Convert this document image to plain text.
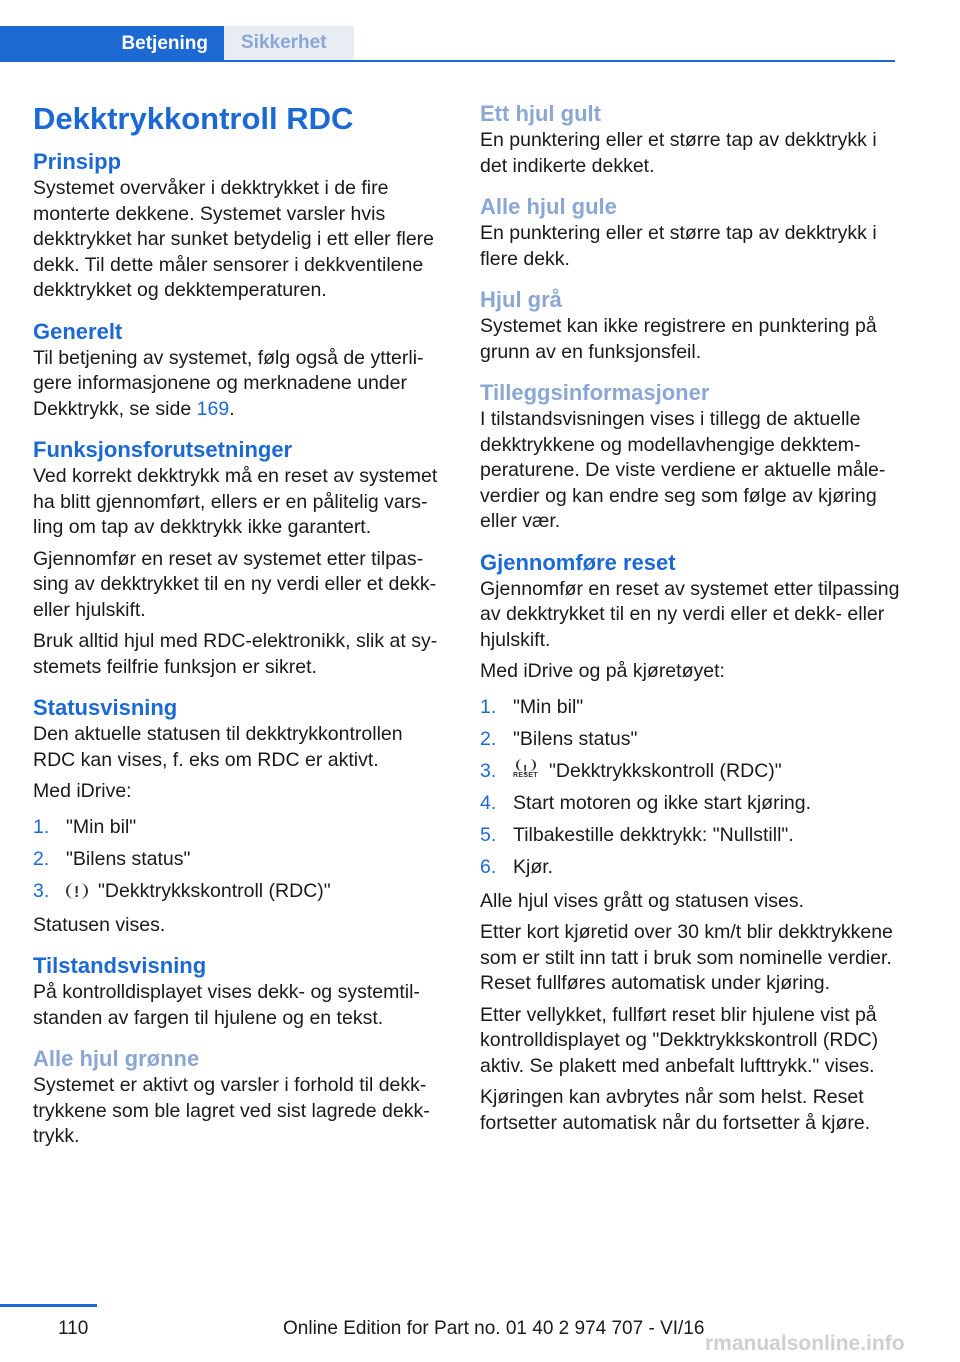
Betjening	Sikkerhet
Dekktrykkontroll RDC
Prinsipp

Systemet overvåker i dekktrykket i de fire monterte dekkene. Systemet varsler hvis dekktrykket har sunket betydelig i ett eller flere dekk. Til dette måler sensorer i dekkventilene dekktrykket og dekktemperaturen.

Generelt

Til betjening av systemet, følg også de ytterligere informasjonene og merknadene under Dekktrykk, se side 169.

Funksjonsforutsetninger

Ved korrekt dekktrykk må en reset av systemet ha blitt gjennomført, ellers er en pålitelig varsling om tap av dekktrykk ikke garantert.

Gjennomfør en reset av systemet etter tilpassing av dekktrykket til en ny verdi eller et dekk- eller hjulskift.

Bruk alltid hjul med RDC-elektronikk, slik at systemets feilfrie funksjon er sikret.

Statusvisning

Den aktuelle statusen til dekktrykkontrollen RDC kan vises, f. eks om RDC er aktivt.

Med iDrive:

1. "Min bil"
2. "Bilens status"
3.
! "Dekktrykkskontroll (RDC)"

Statusen vises.

Tilstandsvisning

På kontrolldisplayet vises dekk- og systemtilstanden av fargen til hjulene og en tekst.

Alle hjul grønne

Systemet er aktivt og varsler i forhold til dekktrykkene som ble lagret ved sist lagrede dekktrykk.

Ett hjul gult

En punktering eller et større tap av dekktrykk i det indikerte dekket.

Alle hjul gule

En punktering eller et større tap av dekktrykk i flere dekk.

Hjul grå

Systemet kan ikke registrere en punktering på grunn av en funksjonsfeil.

Tilleggsinformasjoner

I tilstandsvisningen vises i tillegg de aktuelle dekktrykkene og modellavhengige dekktemperaturene. De viste verdiene er aktuelle måleverdier og kan endre seg som følge av kjøring eller vær.

Gjennomføre reset

Gjennomfør en reset av systemet etter tilpassing av dekktrykket til en ny verdi eller et dekk- eller hjulskift.

Med iDrive og på kjøretøyet:

1. "Min bil"
2. "Bilens status"
3.
! RESET "Dekktrykkskontroll (RDC)"
4. Start motoren og ikke start kjøring.
5. Tilbakestille dekktrykk: "Nullstill".
6. Kjør.

Alle hjul vises grått og statusen vises.

Etter kort kjøretid over 30 km/t blir dekktrykkene som er stilt inn tatt i bruk som nominelle verdier. Reset fullføres automatisk under kjøring.

Etter vellykket, fullført reset blir hjulene vist på kontrolldisplayet og "Dekktrykkskontroll (RDC) aktiv. Se plakett med anbefalt lufttrykk." vises.

Kjøringen kan avbrytes når som helst. Reset fortsetter automatisk når du fortsetter å kjøre.

110	Online Edition for Part no. 01 40 2 974 707 - VI/16
rmanualsonline.info
